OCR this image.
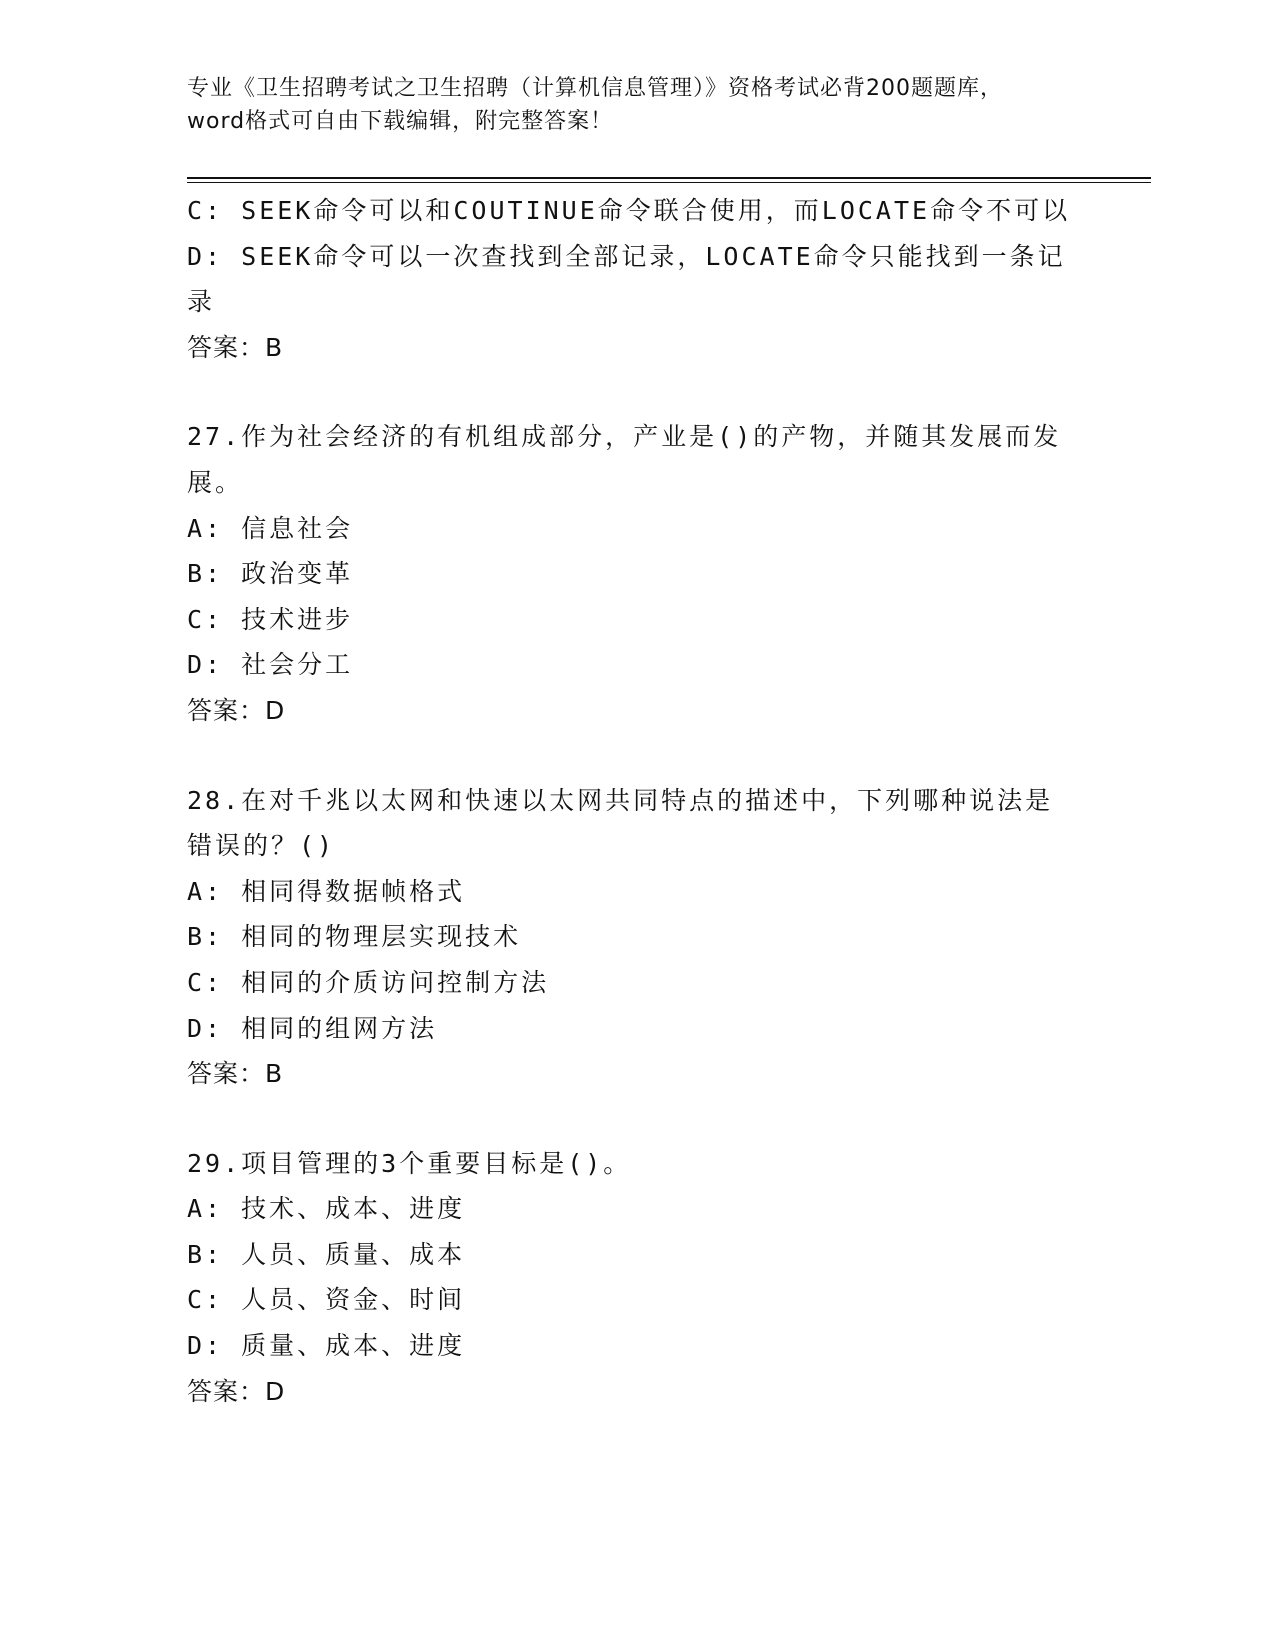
专业《卫生招聘考试之卫生招聘（计算机信息管理）》资格考试必背200题题库，
word格式可自由下载编辑，附完整答案！
C: SEEK命令可以和COUTINUE命令联合使用，而LOCATE命令不可以
D: SEEK命令可以一次查找到全部记录，LOCATE命令只能找到一条记
录
答案：B
27.作为社会经济的有机组成部分，产业是()的产物，并随其发展而发
展。
A: 信息社会
B: 政治变革
C: 技术进步
D: 社会分工
答案：D
28.在对千兆以太网和快速以太网共同特点的描述中，下列哪种说法是
错误的？()
A: 相同得数据帧格式
B: 相同的物理层实现技术
C: 相同的介质访问控制方法
D: 相同的组网方法
答案：B
29.项目管理的3个重要目标是()。
A: 技术、成本、进度
B: 人员、质量、成本
C: 人员、资金、时间
D: 质量、成本、进度
答案：D
